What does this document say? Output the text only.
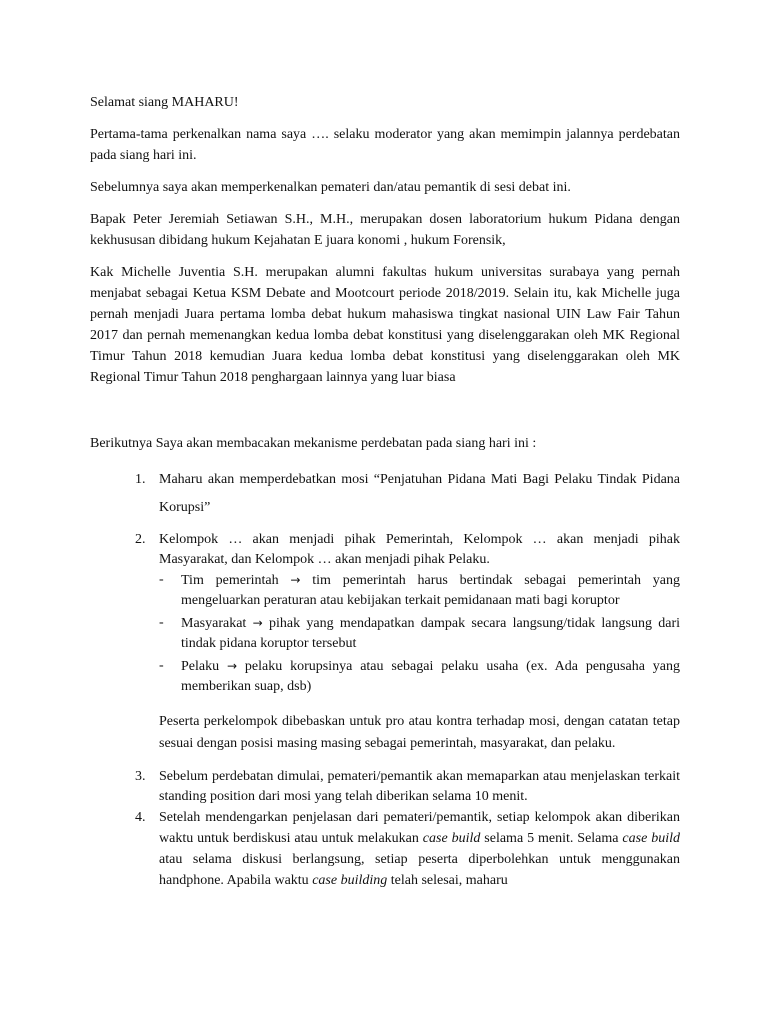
Selamat siang MAHARU!

Pertama-tama perkenalkan nama saya …. selaku moderator yang akan memimpin jalannya perdebatan pada siang hari ini.

Sebelumnya saya akan memperkenalkan pemateri dan/atau pemantik di sesi debat ini.

Bapak Peter Jeremiah Setiawan S.H., M.H., merupakan dosen laboratorium hukum Pidana dengan kekhususan dibidang hukum Kejahatan E juara konomi , hukum Forensik,

Kak Michelle Juventia S.H. merupakan alumni fakultas hukum universitas surabaya yang pernah menjabat sebagai Ketua KSM Debate and Mootcourt periode 2018/2019. Selain itu, kak Michelle juga pernah menjadi Juara pertama lomba debat hukum mahasiswa tingkat nasional UIN Law Fair Tahun 2017 dan pernah memenangkan kedua lomba debat konstitusi yang diselenggarakan oleh MK Regional Timur Tahun 2018 kemudian Juara kedua lomba debat konstitusi yang diselenggarakan oleh MK Regional Timur Tahun 2018 penghargaan lainnya yang luar biasa

Berikutnya Saya akan membacakan mekanisme perdebatan pada siang hari ini :

1. Maharu akan memperdebatkan mosi “Penjatuhan Pidana Mati Bagi Pelaku Tindak Pidana Korupsi”
2. Kelompok … akan menjadi pihak Pemerintah, Kelompok … akan menjadi pihak Masyarakat, dan Kelompok … akan menjadi pihak Pelaku.
- Tim pemerintah → tim pemerintah harus bertindak sebagai pemerintah yang mengeluarkan peraturan atau kebijakan terkait pemidanaan mati bagi koruptor
- Masyarakat → pihak yang mendapatkan dampak secara langsung/tidak langsung dari tindak pidana koruptor tersebut
- Pelaku → pelaku korupsinya atau sebagai pelaku usaha (ex. Ada pengusaha yang memberikan suap, dsb)

Peserta perkelompok dibebaskan untuk pro atau kontra terhadap mosi, dengan catatan tetap sesuai dengan posisi masing masing sebagai pemerintah, masyarakat, dan pelaku.

3. Sebelum perdebatan dimulai, pemateri/pemantik akan memaparkan atau menjelaskan terkait standing position dari mosi yang telah diberikan selama 10 menit.
4. Setelah mendengarkan penjelasan dari pemateri/pemantik, setiap kelompok akan diberikan waktu untuk berdiskusi atau untuk melakukan case build selama 5 menit. Selama case build atau selama diskusi berlangsung, setiap peserta diperbolehkan untuk menggunakan handphone. Apabila waktu case building telah selesai, maharu
